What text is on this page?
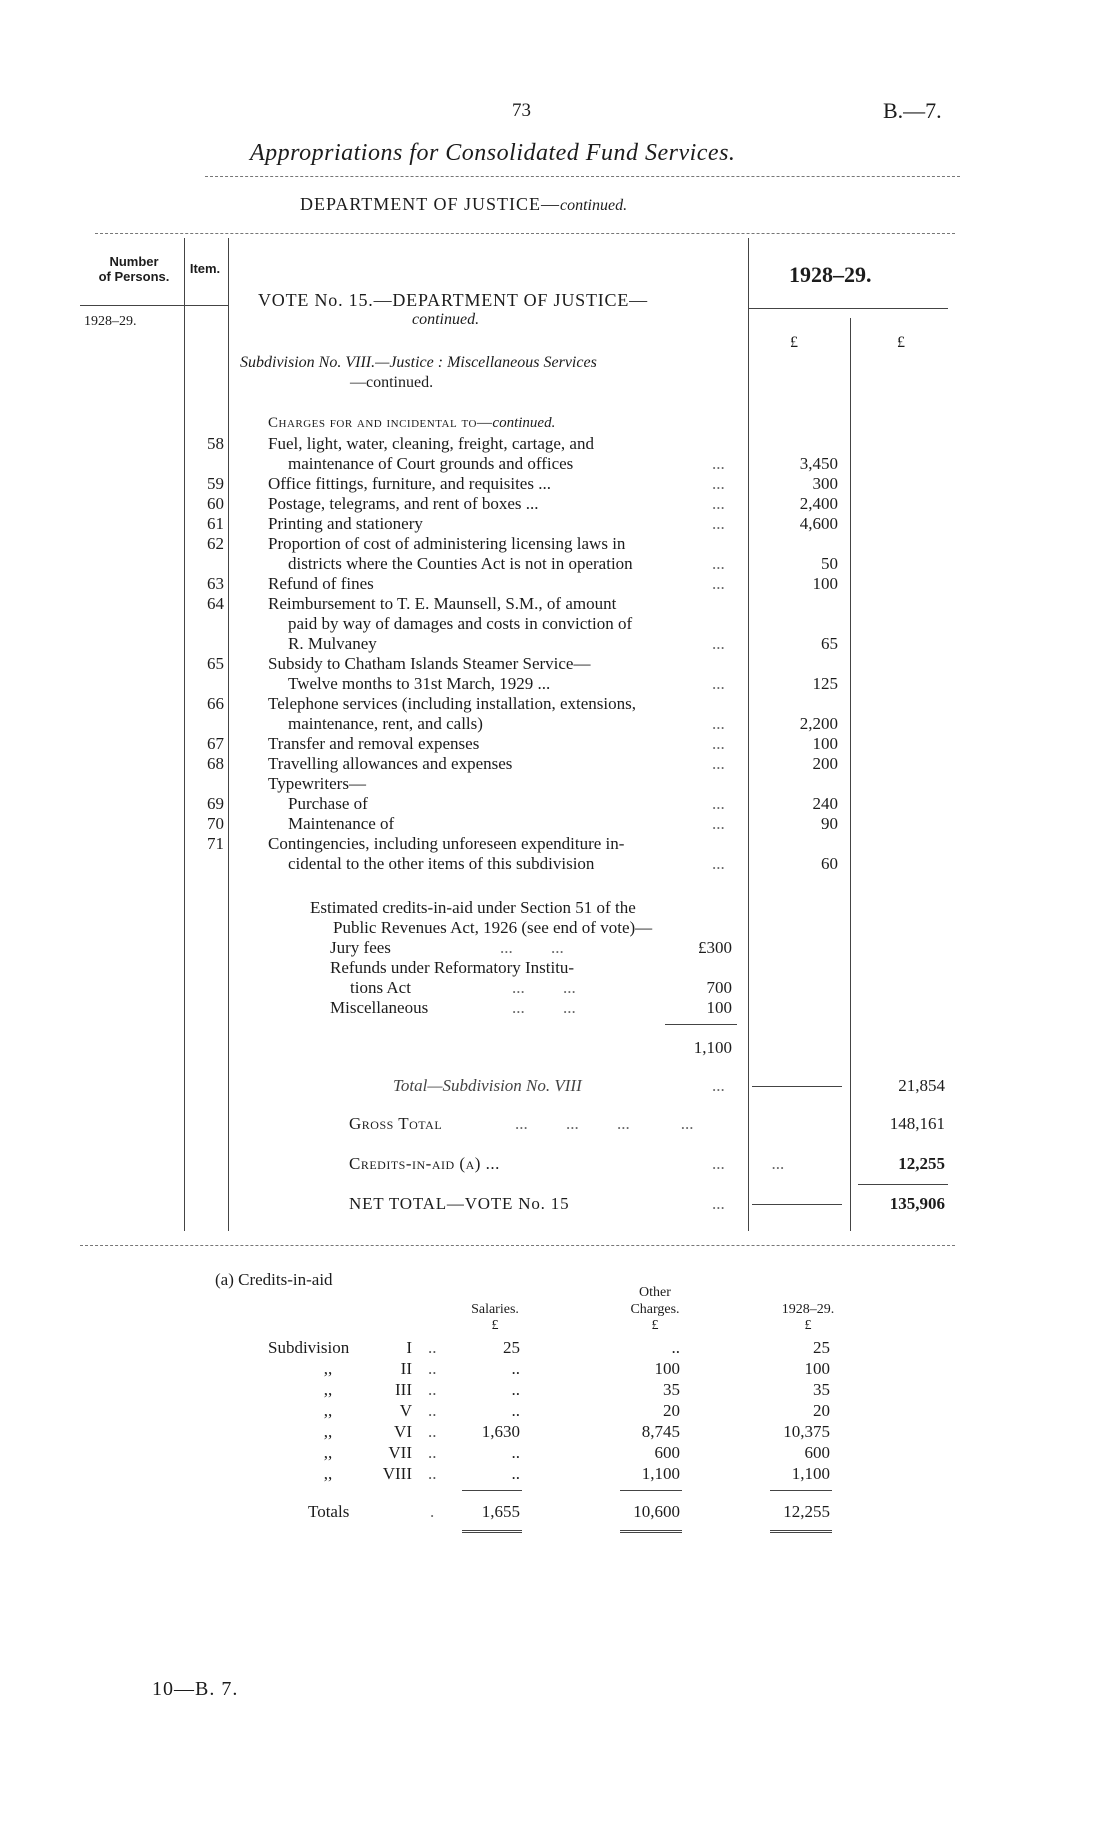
73	B.—7.
Appropriations for Consolidated Fund Services.
DEPARTMENT OF JUSTICE—continued.
Number
of Persons.
Item.
1928–29.
1928–29.
£	£
VOTE No. 15.—DEPARTMENT OF JUSTICE—
continued.
Subdivision No. VIII.—Justice : Miscellaneous Services
—continued.
Charges for and incidental to—continued.
58	Fuel, light, water, cleaning, freight, cartage, and
maintenance of Court grounds and offices	...	3,450
59	Office fittings, furniture, and requisites ...	...	300
60	Postage, telegrams, and rent of boxes ...	...	2,400
61	Printing and stationery	...	4,600
62	Proportion of cost of administering licensing laws in
districts where the Counties Act is not in operation	...	50
63	Refund of fines	...	100
64	Reimbursement to T. E. Maunsell, S.M., of amount
paid by way of damages and costs in conviction of
R. Mulvaney	...	65
65	Subsidy to Chatham Islands Steamer Service—
Twelve months to 31st March, 1929 ...	...	125
66	Telephone services (including installation, extensions,
maintenance, rent, and calls)	...	2,200
67	Transfer and removal expenses	...	100
68	Travelling allowances and expenses	...	200
Typewriters—
69	Purchase of	...	240
70	Maintenance of	...	90
71	Contingencies, including unforeseen expenditure in-
cidental to the other items of this subdivision	...	60
Estimated credits-in-aid under Section 51 of the
Public Revenues Act, 1926 (see end of vote)—
Jury fees	...         ...	£300
Refunds under Reformatory Institu-
tions Act	...         ...	700
Miscellaneous	...         ...	100
1,100
Total—Subdivision No. VIII	...	21,854
Gross Total	...         ...         ...            ...	148,161
Credits-in-aid (a) ...	...           ...	12,255
NET TOTAL—VOTE No. 15	...	135,906
(a) Credits-in-aid
Salaries.
Other
Charges.	1928–29.
£	£	£
Subdivision	I ..	25	..	25
,,	II ..	..	100	100
,,	III ..	..	35	35
,,	V ..	..	20	20
,,	VI ..	1,630	8,745	10,375
,,	VII ..	..	600	600
,,	VIII ..	..	1,100	1,100
Totals	.	1,655	10,600	12,255
10—B. 7.
